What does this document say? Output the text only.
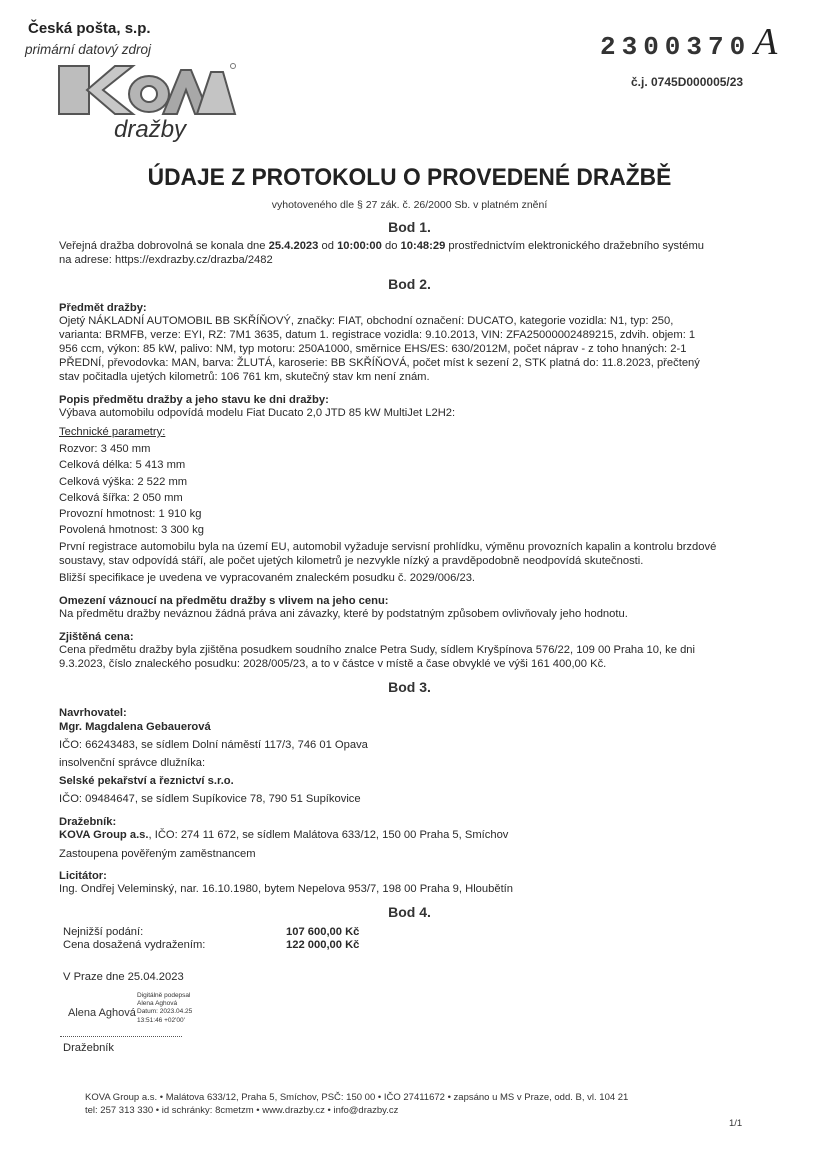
Česká pošta, s.p.
primární datový zdroj
dražby
2300370 A
č.j. 0745D000005/23
ÚDAJE Z PROTOKOLU O PROVEDENÉ DRAŽBĚ
vyhotoveného dle § 27 zák. č. 26/2000 Sb. v platném znění
Bod 1.
Veřejná dražba dobrovolná se konala dne 25.4.2023 od 10:00:00 do 10:48:29 prostřednictvím elektronického dražebního systému
na adrese: https://exdrazby.cz/drazba/2482
Bod 2.
Předmět dražby:
Ojetý NÁKLADNÍ AUTOMOBIL BB SKŘÍŇOVÝ, značky: FIAT, obchodní označení: DUCATO, kategorie vozidla: N1, typ: 250,
varianta: BRMFB, verze: EYI, RZ: 7M1 3635, datum 1. registrace vozidla: 9.10.2013, VIN: ZFA25000002489215, zdvih. objem: 1
956 ccm, výkon: 85 kW, palivo: NM, typ motoru: 250A1000, směrnice EHS/ES: 630/2012M, počet náprav - z toho hnaných: 2-1
PŘEDNÍ, převodovka: MAN, barva: ŽLUTÁ, karoserie: BB SKŘÍŇOVÁ, počet míst k sezení 2, STK platná do: 11.8.2023, přečtený
stav počitadla ujetých kilometrů: 106 761 km, skutečný stav km není znám.
Popis předmětu dražby a jeho stavu ke dni dražby:
Výbava automobilu odpovídá modelu Fiat Ducato 2,0 JTD 85 kW MultiJet L2H2:
Technické parametry:
Rozvor: 3 450 mm
Celková délka: 5 413 mm
Celková výška: 2 522 mm
Celková šířka: 2 050 mm
Provozní hmotnost: 1 910 kg
Povolená hmotnost: 3 300 kg
První registrace automobilu byla na území EU, automobil vyžaduje servisní prohlídku, výměnu provozních kapalin a kontrolu brzdové
soustavy, stav odpovídá stáří, ale počet ujetých kilometrů je nezvykle nízký a pravděpodobně neodpovídá skutečnosti.
Bližší specifikace je uvedena ve vypracovaném znaleckém posudku č. 2029/006/23.
Omezení váznoucí na předmětu dražby s vlivem na jeho cenu:
Na předmětu dražby neváznou žádná práva ani závazky, které by podstatným způsobem ovlivňovaly jeho hodnotu.
Zjištěná cena:
Cena předmětu dražby byla zjištěna posudkem soudního znalce Petra Sudy, sídlem Kryšpínova 576/22, 109 00 Praha 10, ke dni
9.3.2023, číslo znaleckého posudku: 2028/005/23, a to v částce v místě a čase obvyklé ve výši 161 400,00 Kč.
Bod 3.
Navrhovatel:
Mgr. Magdalena Gebauerová
IČO: 66243483, se sídlem Dolní náměstí 117/3, 746 01 Opava
insolvenční správce dlužníka:
Selské pekařství a řeznictví s.r.o.
IČO: 09484647, se sídlem Supíkovice 78, 790 51 Supíkovice
Dražebník:
KOVA Group a.s., IČO: 274 11 672, se sídlem Malátova 633/12, 150 00 Praha 5, Smíchov
Zastoupena pověřeným zaměstnancem
Licitátor:
Ing. Ondřej Veleminský, nar. 16.10.1980, bytem Nepelova 953/7, 198 00 Praha 9, Hloubětín
Bod 4.
Nejnižší podání:	107 600,00 Kč
Cena dosažená vydražením:	122 000,00 Kč
V Praze dne 25.04.2023
Alena Aghová
Digitálně podepsal
Alena Aghová
Datum: 2023.04.25
13:51:46 +02'00'
Dražebník
KOVA Group a.s. • Malátova 633/12, Praha 5, Smíchov, PSČ: 150 00 • IČO 27411672 • zapsáno u MS v Praze, odd. B, vl. 104 21
tel: 257 313 330 • id schránky: 8cmetzm • www.drazby.cz • info@drazby.cz
1/1
